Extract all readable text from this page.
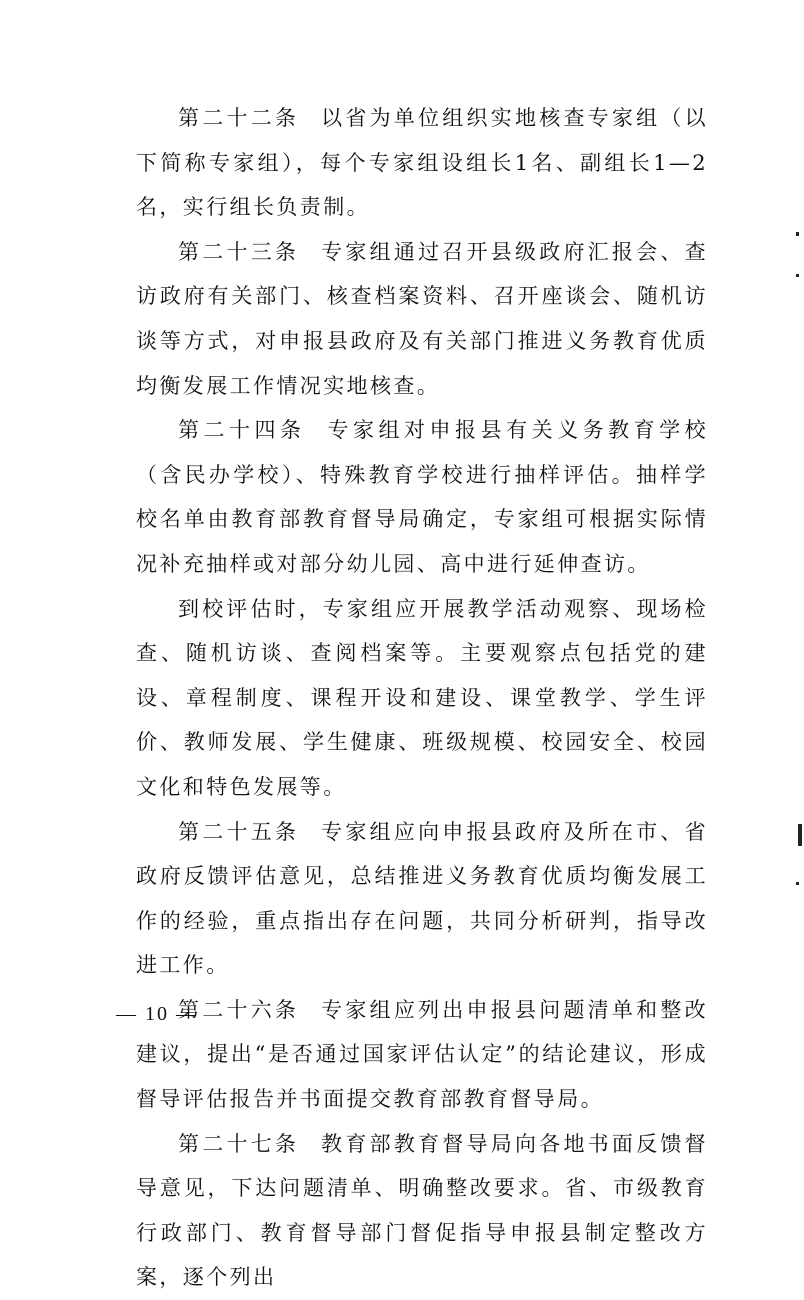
第二十二条 以省为单位组织实地核查专家组（以下简称专家组），每个专家组设组长1名、副组长1—2名，实行组长负责制。

第二十三条 专家组通过召开县级政府汇报会、查访政府有关部门、核查档案资料、召开座谈会、随机访谈等方式，对申报县政府及有关部门推进义务教育优质均衡发展工作情况实地核查。

第二十四条 专家组对申报县有关义务教育学校（含民办学校）、特殊教育学校进行抽样评估。抽样学校名单由教育部教育督导局确定，专家组可根据实际情况补充抽样或对部分幼儿园、高中进行延伸查访。

到校评估时，专家组应开展教学活动观察、现场检查、随机访谈、查阅档案等。主要观察点包括党的建设、章程制度、课程开设和建设、课堂教学、学生评价、教师发展、学生健康、班级规模、校园安全、校园文化和特色发展等。

第二十五条 专家组应向申报县政府及所在市、省政府反馈评估意见，总结推进义务教育优质均衡发展工作的经验，重点指出存在问题，共同分析研判，指导改进工作。

第二十六条 专家组应列出申报县问题清单和整改建议，提出“是否通过国家评估认定”的结论建议，形成督导评估报告并书面提交教育部教育督导局。

第二十七条 教育部教育督导局向各地书面反馈督导意见，下达问题清单、明确整改要求。省、市级教育行政部门、教育督导部门督促指导申报县制定整改方案，逐个列出

— 10 —
